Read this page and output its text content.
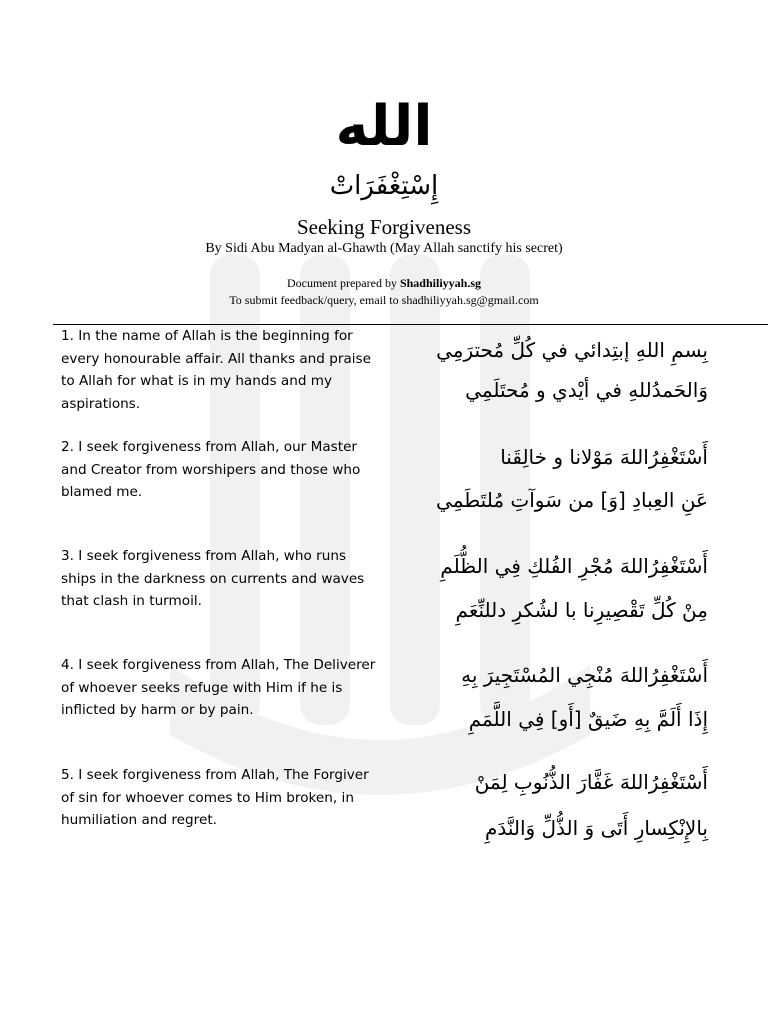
الله
إِسْتِغْفَرَاتْ
Seeking Forgiveness
By Sidi Abu Madyan al-Ghawth (May Allah sanctify his secret)
Document prepared by Shadhiliyyah.sg
To submit feedback/query, email to shadhiliyyah.sg@gmail.com
1. In the name of Allah is the beginning for every honourable affair. All thanks and praise to Allah for what is in my hands and my aspirations.
بِسمِ اللهِ إبتِدائي في كُلِّ مُحترَمِي
وَالحَمدُللهِ في أيْدي و مُحتَلَمِي
2. I seek forgiveness from Allah, our Master and Creator from worshipers and those who blamed me.
أَسْتَغْفِرُاللهَ مَوْلانا و خالِقَنا
عَنِ العِبادِ [وَ] من سَوآتِ مُلتَطَمِي
3. I seek forgiveness from Allah, who runs ships in the darkness on currents and waves that clash in turmoil.
أَسْتَغْفِرُاللهَ مُجْرِ الفُلكِ فِي الظُّلَمِ
مِنْ كُلِّ تَقْصِيرِنا با لشُكرِ دللنِّعَمِ
4. I seek forgiveness from Allah, The Deliverer of whoever seeks refuge with Him if he is inflicted by harm or by pain.
أَسْتَغْفِرُاللهَ مُنْجِي المُسْتَجِيرَ بِهِ
إِذَا أَلَمَّ بِهِ ضَيقٌ [أَو] فِي اللَّمَمِ
5. I seek forgiveness from Allah, The Forgiver of sin for whoever comes to Him broken, in humiliation and regret.
أَسْتَغْفِرُاللهَ غَفَّارَ الذُّنُوبِ لِمَنْ
بِالإِنْكِسارِ أَتَى وَ الذُّلِّ وَالنَّدَمِ
